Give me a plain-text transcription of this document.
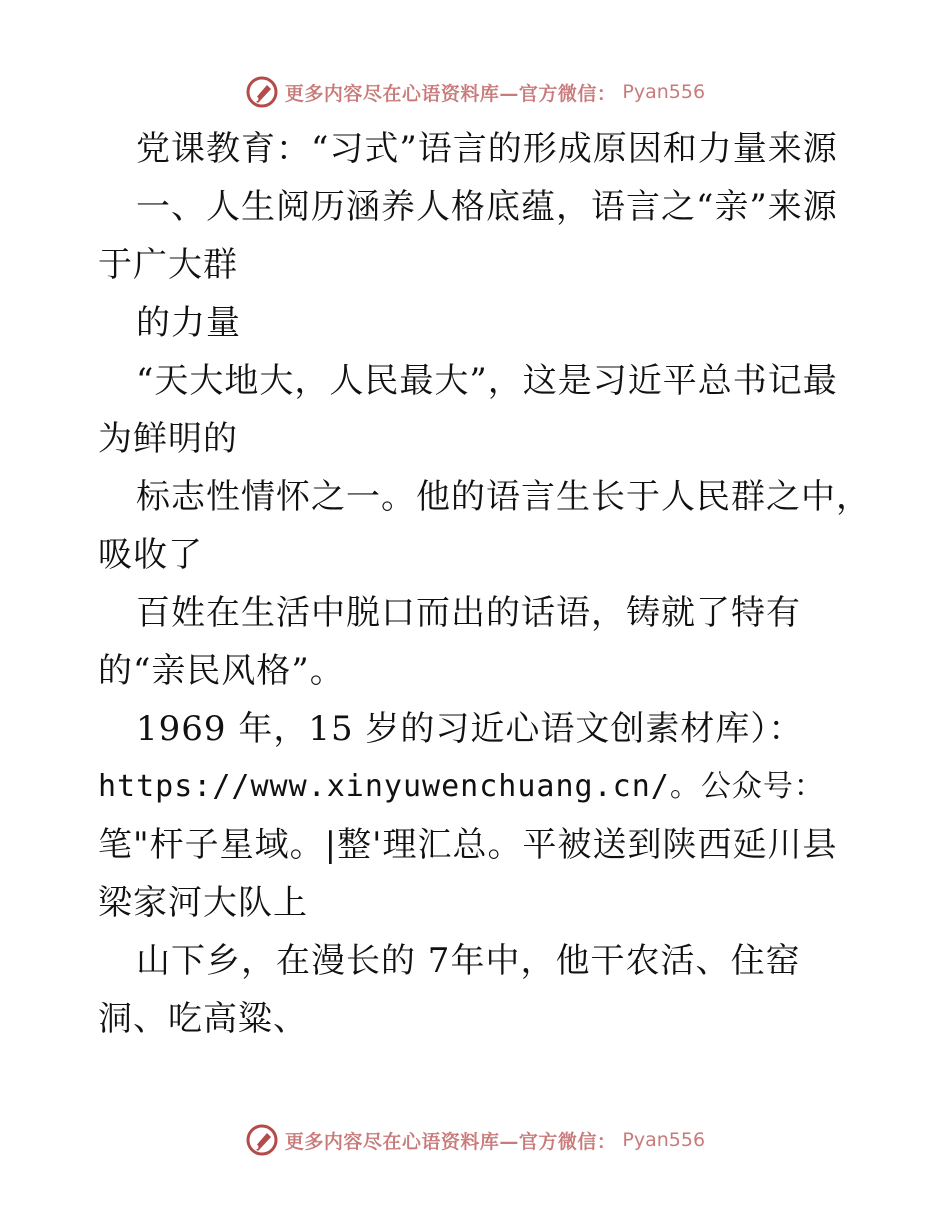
更多内容尽在心语资料库—官方微信： Pyan556
党课教育：“习式”语言的形成原因和力量来源
一、人生阅历涵养人格底蕴，语言之“亲”来源
于广大群
的力量
“天大地大，人民最大”，这是习近平总书记最
为鲜明的
标志性情怀之一。他的语言生长于人民群之中，
吸收了
百姓在生活中脱口而出的话语，铸就了特有
的“亲民风格”。
1969 年，15 岁的习近心语文创素材库）：
https://www.xinyuwenchuang.cn/。公众号：
笔"杆子星域。|整'理汇总。平被送到陕西延川县
梁家河大队上
山下乡，在漫长的 7年中，他干农活、住窑
洞、吃高粱、
更多内容尽在心语资料库—官方微信： Pyan556
